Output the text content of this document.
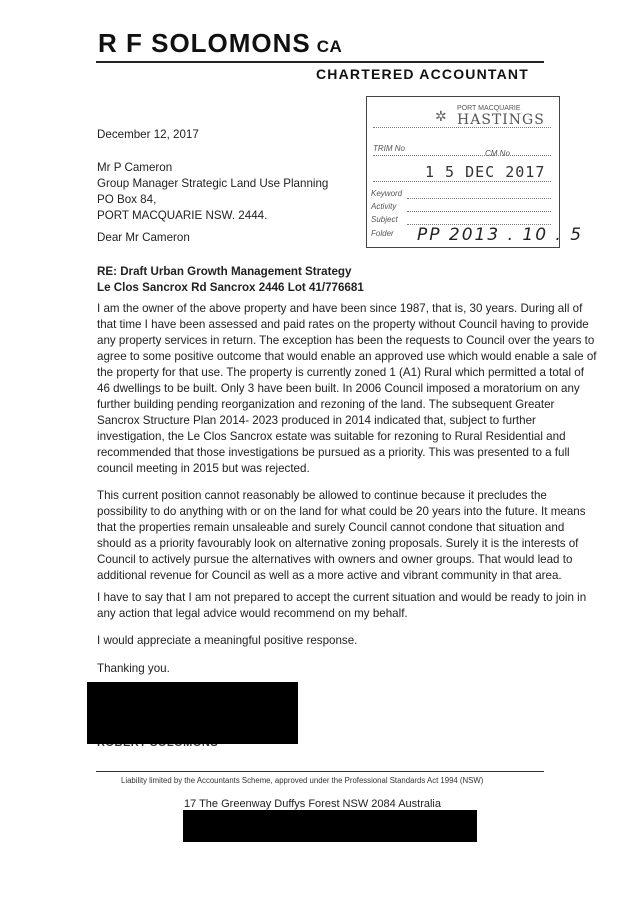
R F SOLOMONS CA
CHARTERED ACCOUNTANT
✲ PORT MACQUARIE
HASTINGS
TRIM No
CM No
1 5 DEC 2017
Keyword
Activity
Subject
Folder PP 2013 . 10 . 5
December 12, 2017
Mr P Cameron
Group Manager Strategic Land Use Planning
PO Box 84,
PORT MACQUARIE NSW. 2444.
Dear Mr Cameron
RE: Draft Urban Growth Management Strategy
Le Clos Sancrox Rd Sancrox 2446 Lot 41/776681
I am the owner of the above property and have been since 1987, that is, 30 years. During all of
that time I have been assessed and paid rates on the property without Council having to provide
any property services in return. The exception has been the requests to Council over the years to
agree to some positive outcome that would enable an approved use which would enable a sale of
the property for that use. The property is currently zoned 1 (A1) Rural which permitted a total of
46 dwellings to be built. Only 3 have been built. In 2006 Council imposed a moratorium on any
further building pending reorganization and rezoning of the land. The subsequent Greater
Sancrox Structure Plan 2014- 2023 produced in 2014 indicated that, subject to further
investigation, the Le Clos Sancrox estate was suitable for rezoning to Rural Residential and
recommended that those investigations be pursued as a priority. This was presented to a full
council meeting in 2015 but was rejected.
This current position cannot reasonably be allowed to continue because it precludes the
possibility to do anything with or on the land for what could be 20 years into the future. It means
that the properties remain unsaleable and surely Council cannot condone that situation and
should as a priority favourably look on alternative zoning proposals. Surely it is the interests of
Council to actively pursue the alternatives with owners and owner groups. That would lead to
additional revenue for Council as well as a more active and vibrant community in that area.
I have to say that I am not prepared to accept the current situation and would be ready to join in
any action that legal advice would recommend on my behalf.
I would appreciate a meaningful positive response.
Thanking you.
Liability limited by the Accountants Scheme, approved under the Professional Standards Act 1994 (NSW)
17 The Greenway Duffys Forest NSW 2084 Australia
